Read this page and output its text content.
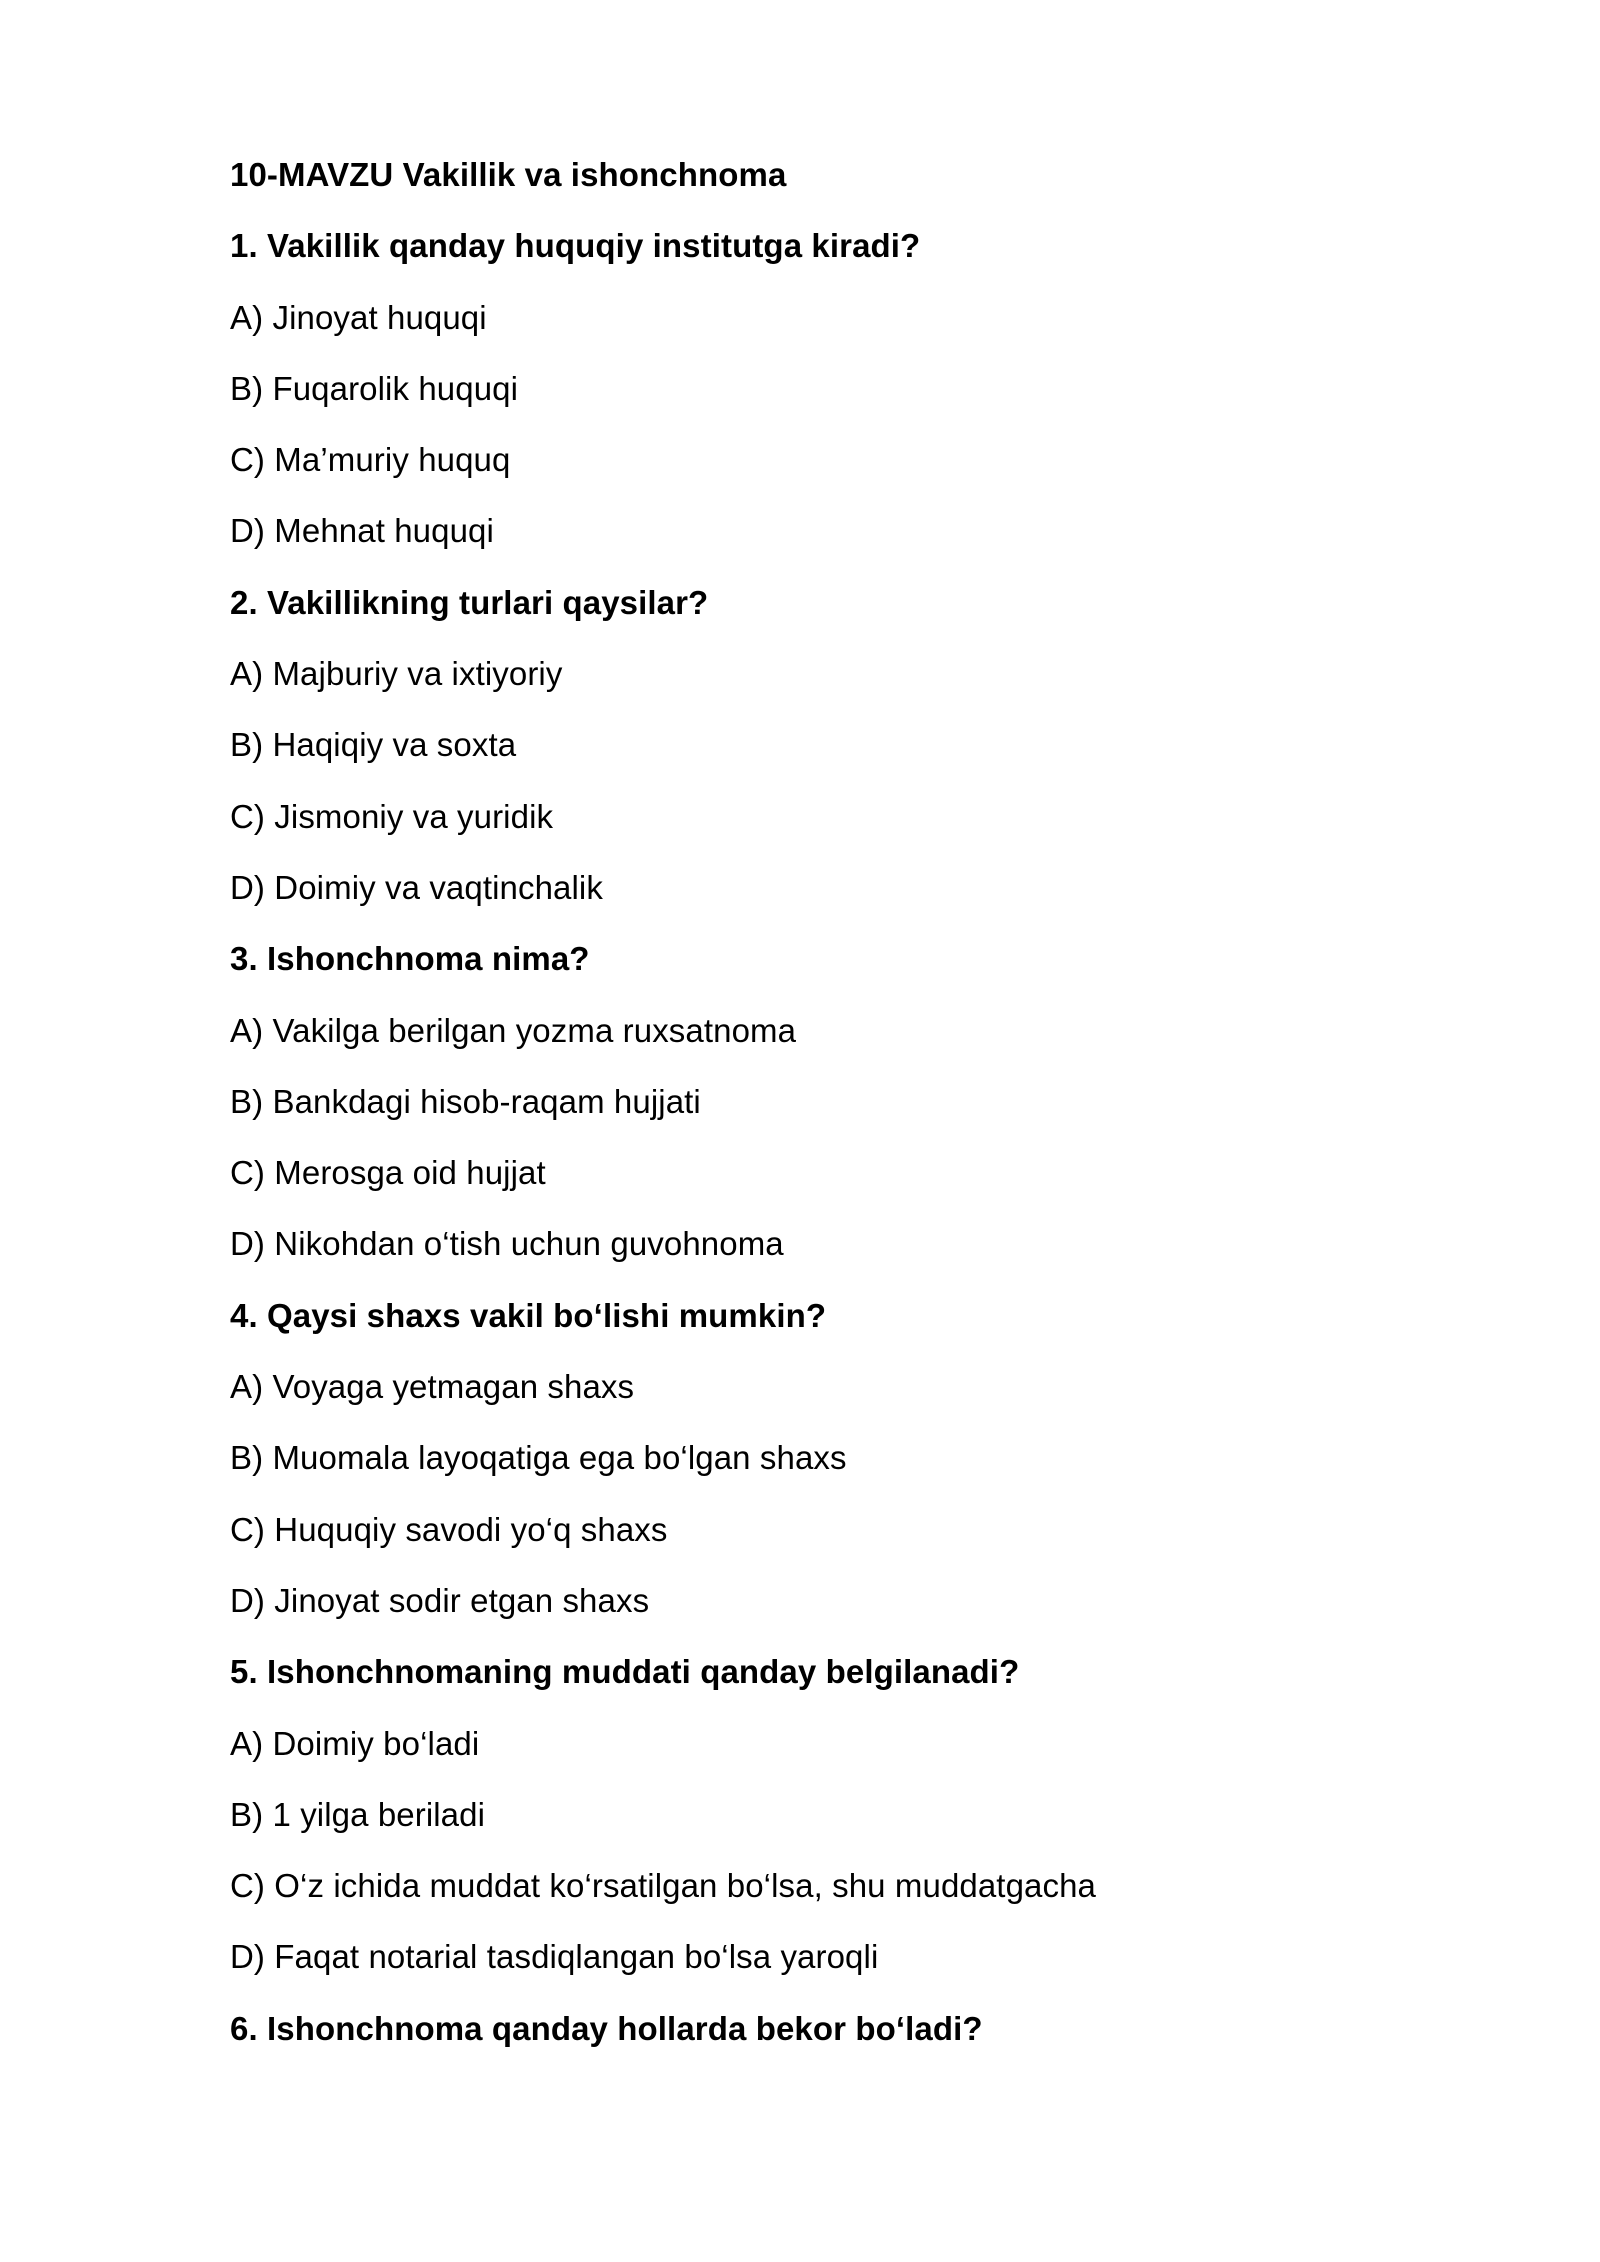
10-MAVZU Vakillik va ishonchnoma
1. Vakillik qanday huquqiy institutga kiradi?
A) Jinoyat huquqi
B) Fuqarolik huquqi
C) Ma’muriy huquq
D) Mehnat huquqi
2. Vakillikning turlari qaysilar?
A) Majburiy va ixtiyoriy
B) Haqiqiy va soxta
C) Jismoniy va yuridik
D) Doimiy va vaqtinchalik
3. Ishonchnoma nima?
A) Vakilga berilgan yozma ruxsatnoma
B) Bankdagi hisob-raqam hujjati
C) Merosga oid hujjat
D) Nikohdan o‘tish uchun guvohnoma
4. Qaysi shaxs vakil bo‘lishi mumkin?
A) Voyaga yetmagan shaxs
B) Muomala layoqatiga ega bo‘lgan shaxs
C) Huquqiy savodi yo‘q shaxs
D) Jinoyat sodir etgan shaxs
5. Ishonchnomaning muddati qanday belgilanadi?
A) Doimiy bo‘ladi
B) 1 yilga beriladi
C) O‘z ichida muddat ko‘rsatilgan bo‘lsa, shu muddatgacha
D) Faqat notarial tasdiqlangan bo‘lsa yaroqli
6. Ishonchnoma qanday hollarda bekor bo‘ladi?
